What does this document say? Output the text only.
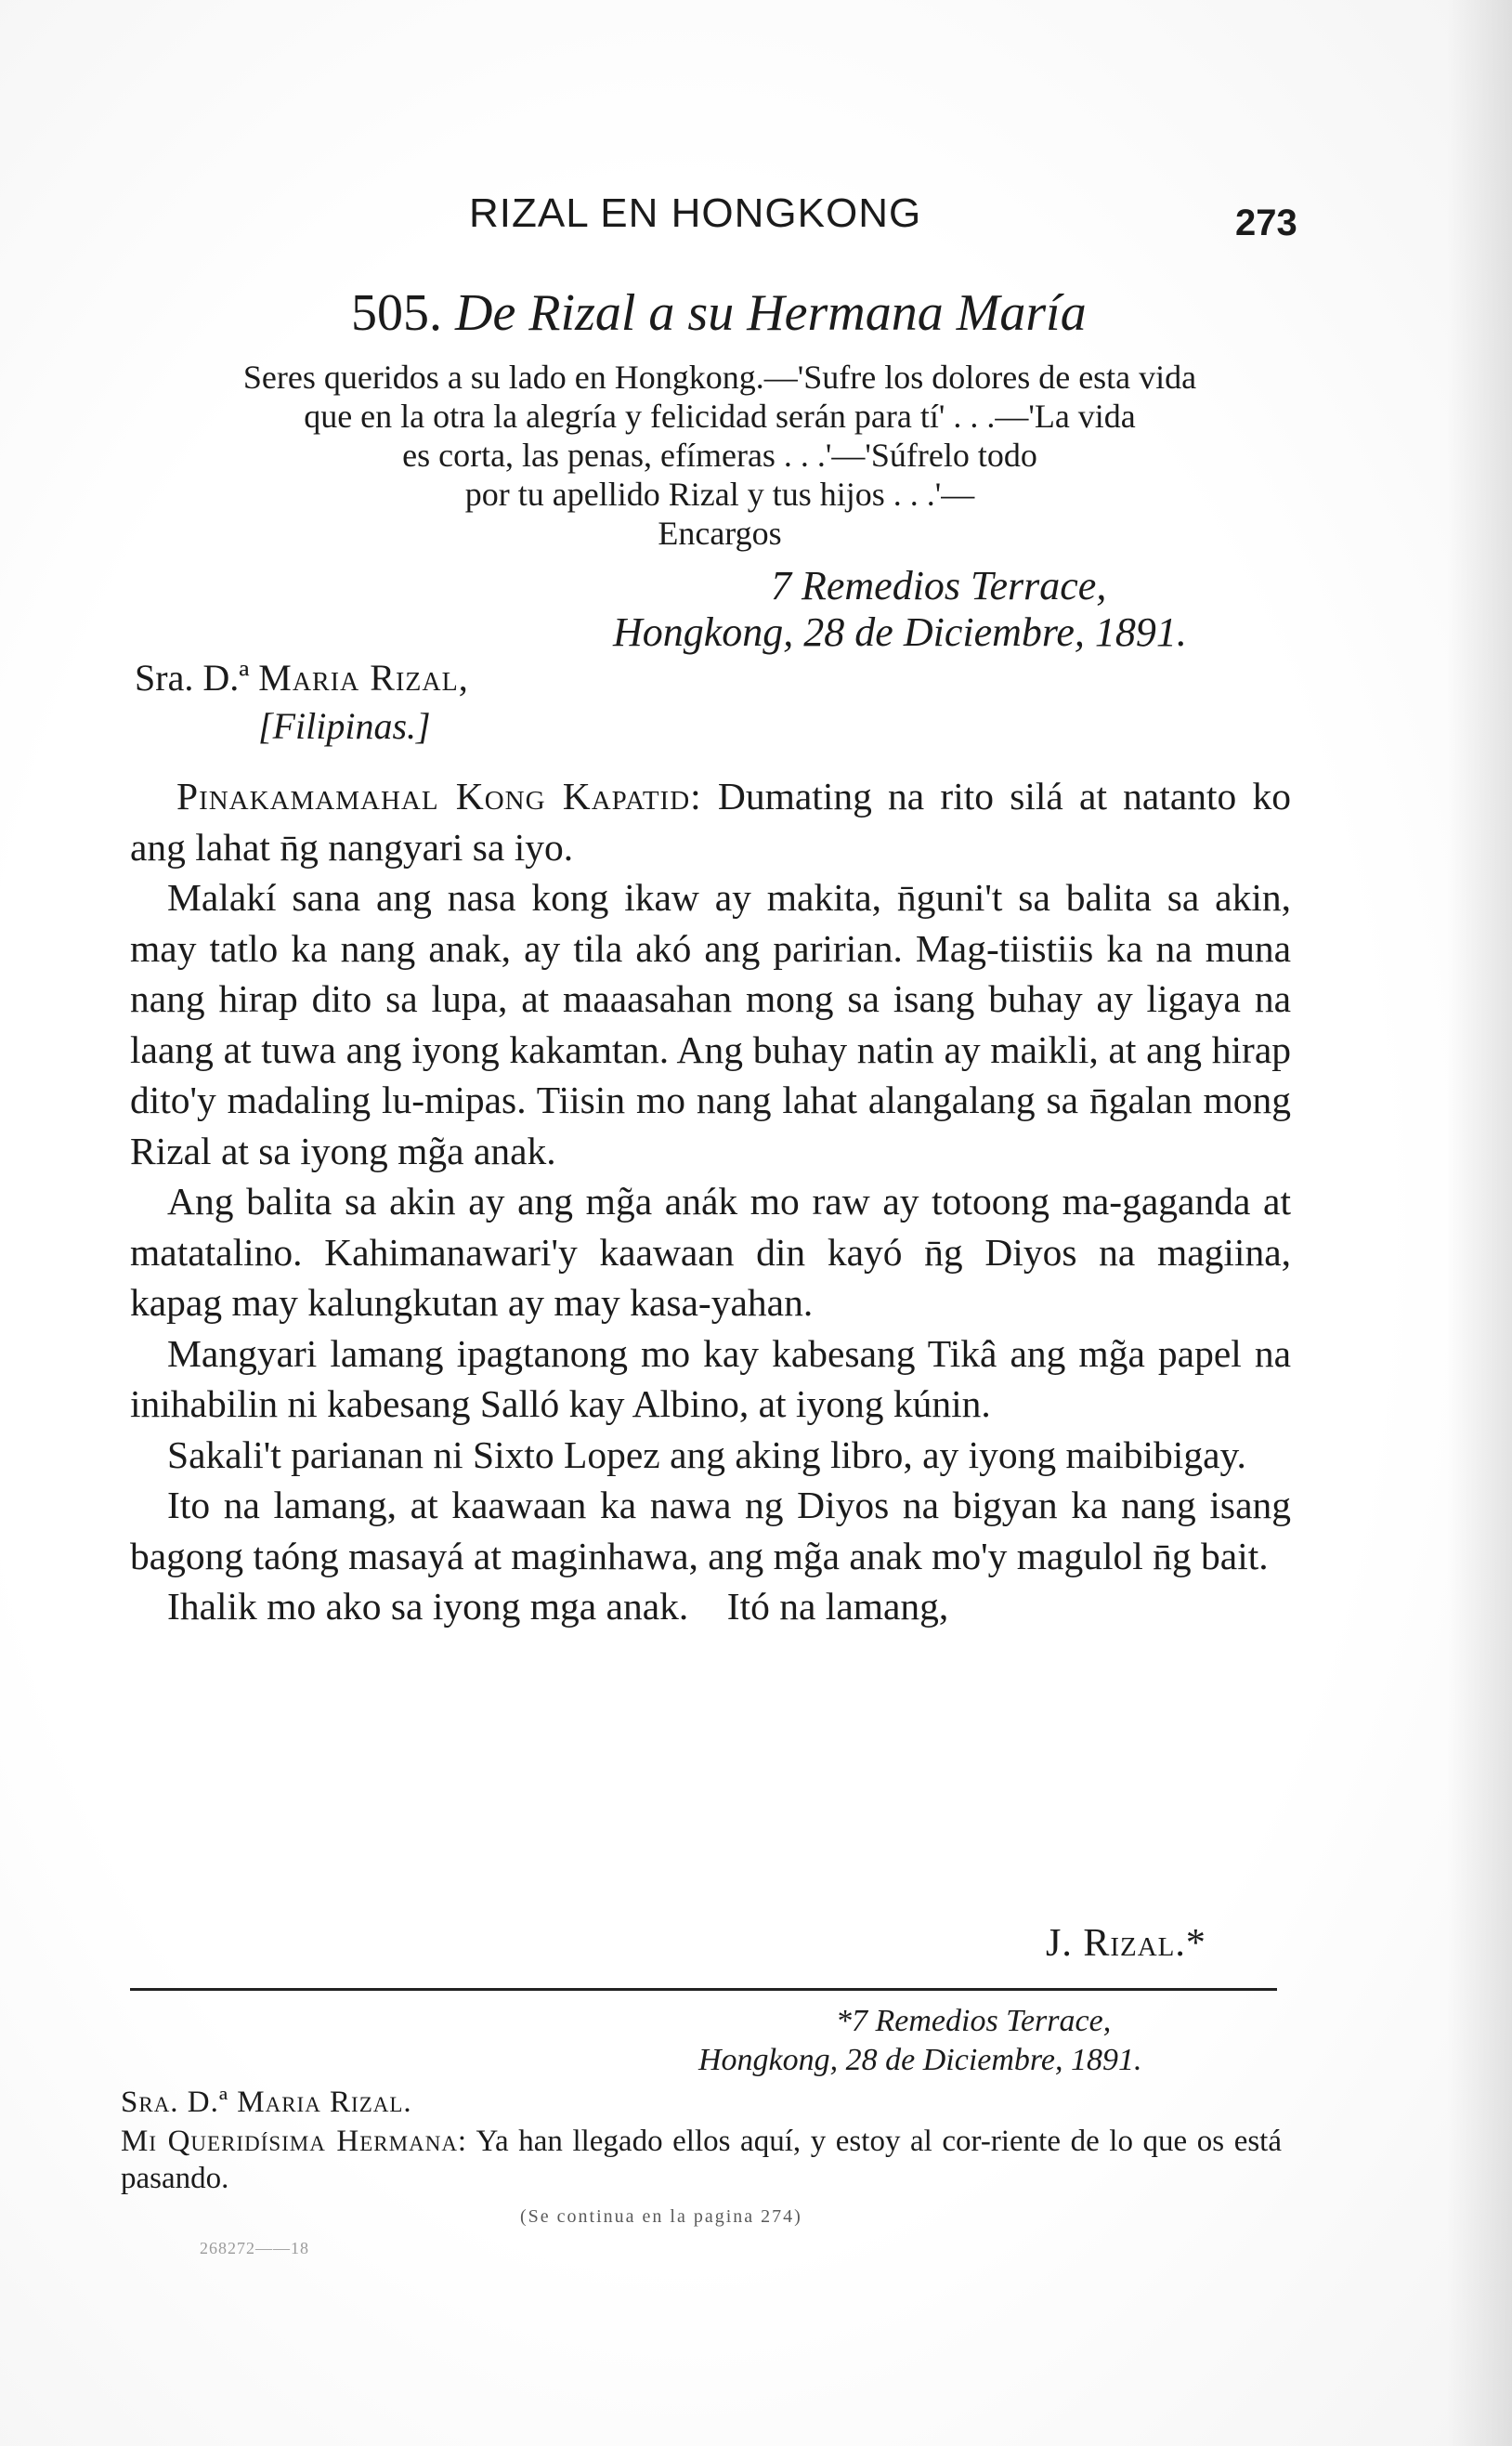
RIZAL EN HONGKONG	273
505. De Rizal a su Hermana María
Seres queridos a su lado en Hongkong.—'Sufre los dolores de esta vida
que en la otra la alegría y felicidad serán para tí' . . .—'La vida
es corta, las penas, efímeras . . .'—'Súfrelo todo
por tu apellido Rizal y tus hijos . . .'—
Encargos
7 Remedios Terrace,
Hongkong, 28 de Diciembre, 1891.
Sra. D.ª Maria Rizal,
[Filipinas.]

Pinakamamahal Kong Kapatid: Dumating na rito silá at natanto ko ang lahat n̄g nangyari sa iyo.

Malakí sana ang nasa kong ikaw ay makita, n̄guni't sa balita sa akin, may tatlo ka nang anak, ay tila akó ang paririan. Mag-tiistiis ka na muna nang hirap dito sa lupa, at maaasahan mong sa isang buhay ay ligaya na laang at tuwa ang iyong kakamtan. Ang buhay natin ay maikli, at ang hirap dito'y madaling lu-mipas. Tiisin mo nang lahat alangalang sa n̄galan mong Rizal at sa iyong mg̃a anak.

Ang balita sa akin ay ang mg̃a anák mo raw ay totoong ma-gaganda at matatalino. Kahimanawari'y kaawaan din kayó n̄g Diyos na magiina, kapag may kalungkutan ay may kasa-yahan.

Mangyari lamang ipagtanong mo kay kabesang Tikâ ang mg̃a papel na inihabilin ni kabesang Salló kay Albino, at iyong kúnin.

Sakali't parianan ni Sixto Lopez ang aking libro, ay iyong maibibigay.

Ito na lamang, at kaawaan ka nawa ng Diyos na bigyan ka nang isang bagong taóng masayá at maginhawa, ang mg̃a anak mo'y magulol n̄g bait.

Ihalik mo ako sa iyong mga anak.    Itó na lamang,

J. Rizal.*
*7 Remedios Terrace,
Hongkong, 28 de Diciembre, 1891.
Sra. D.ª Maria Rizal.
Mi Queridísima Hermana: Ya han llegado ellos aquí, y estoy al cor-riente de lo que os está pasando.
(Se continua en la pagina 274)
268272——18
